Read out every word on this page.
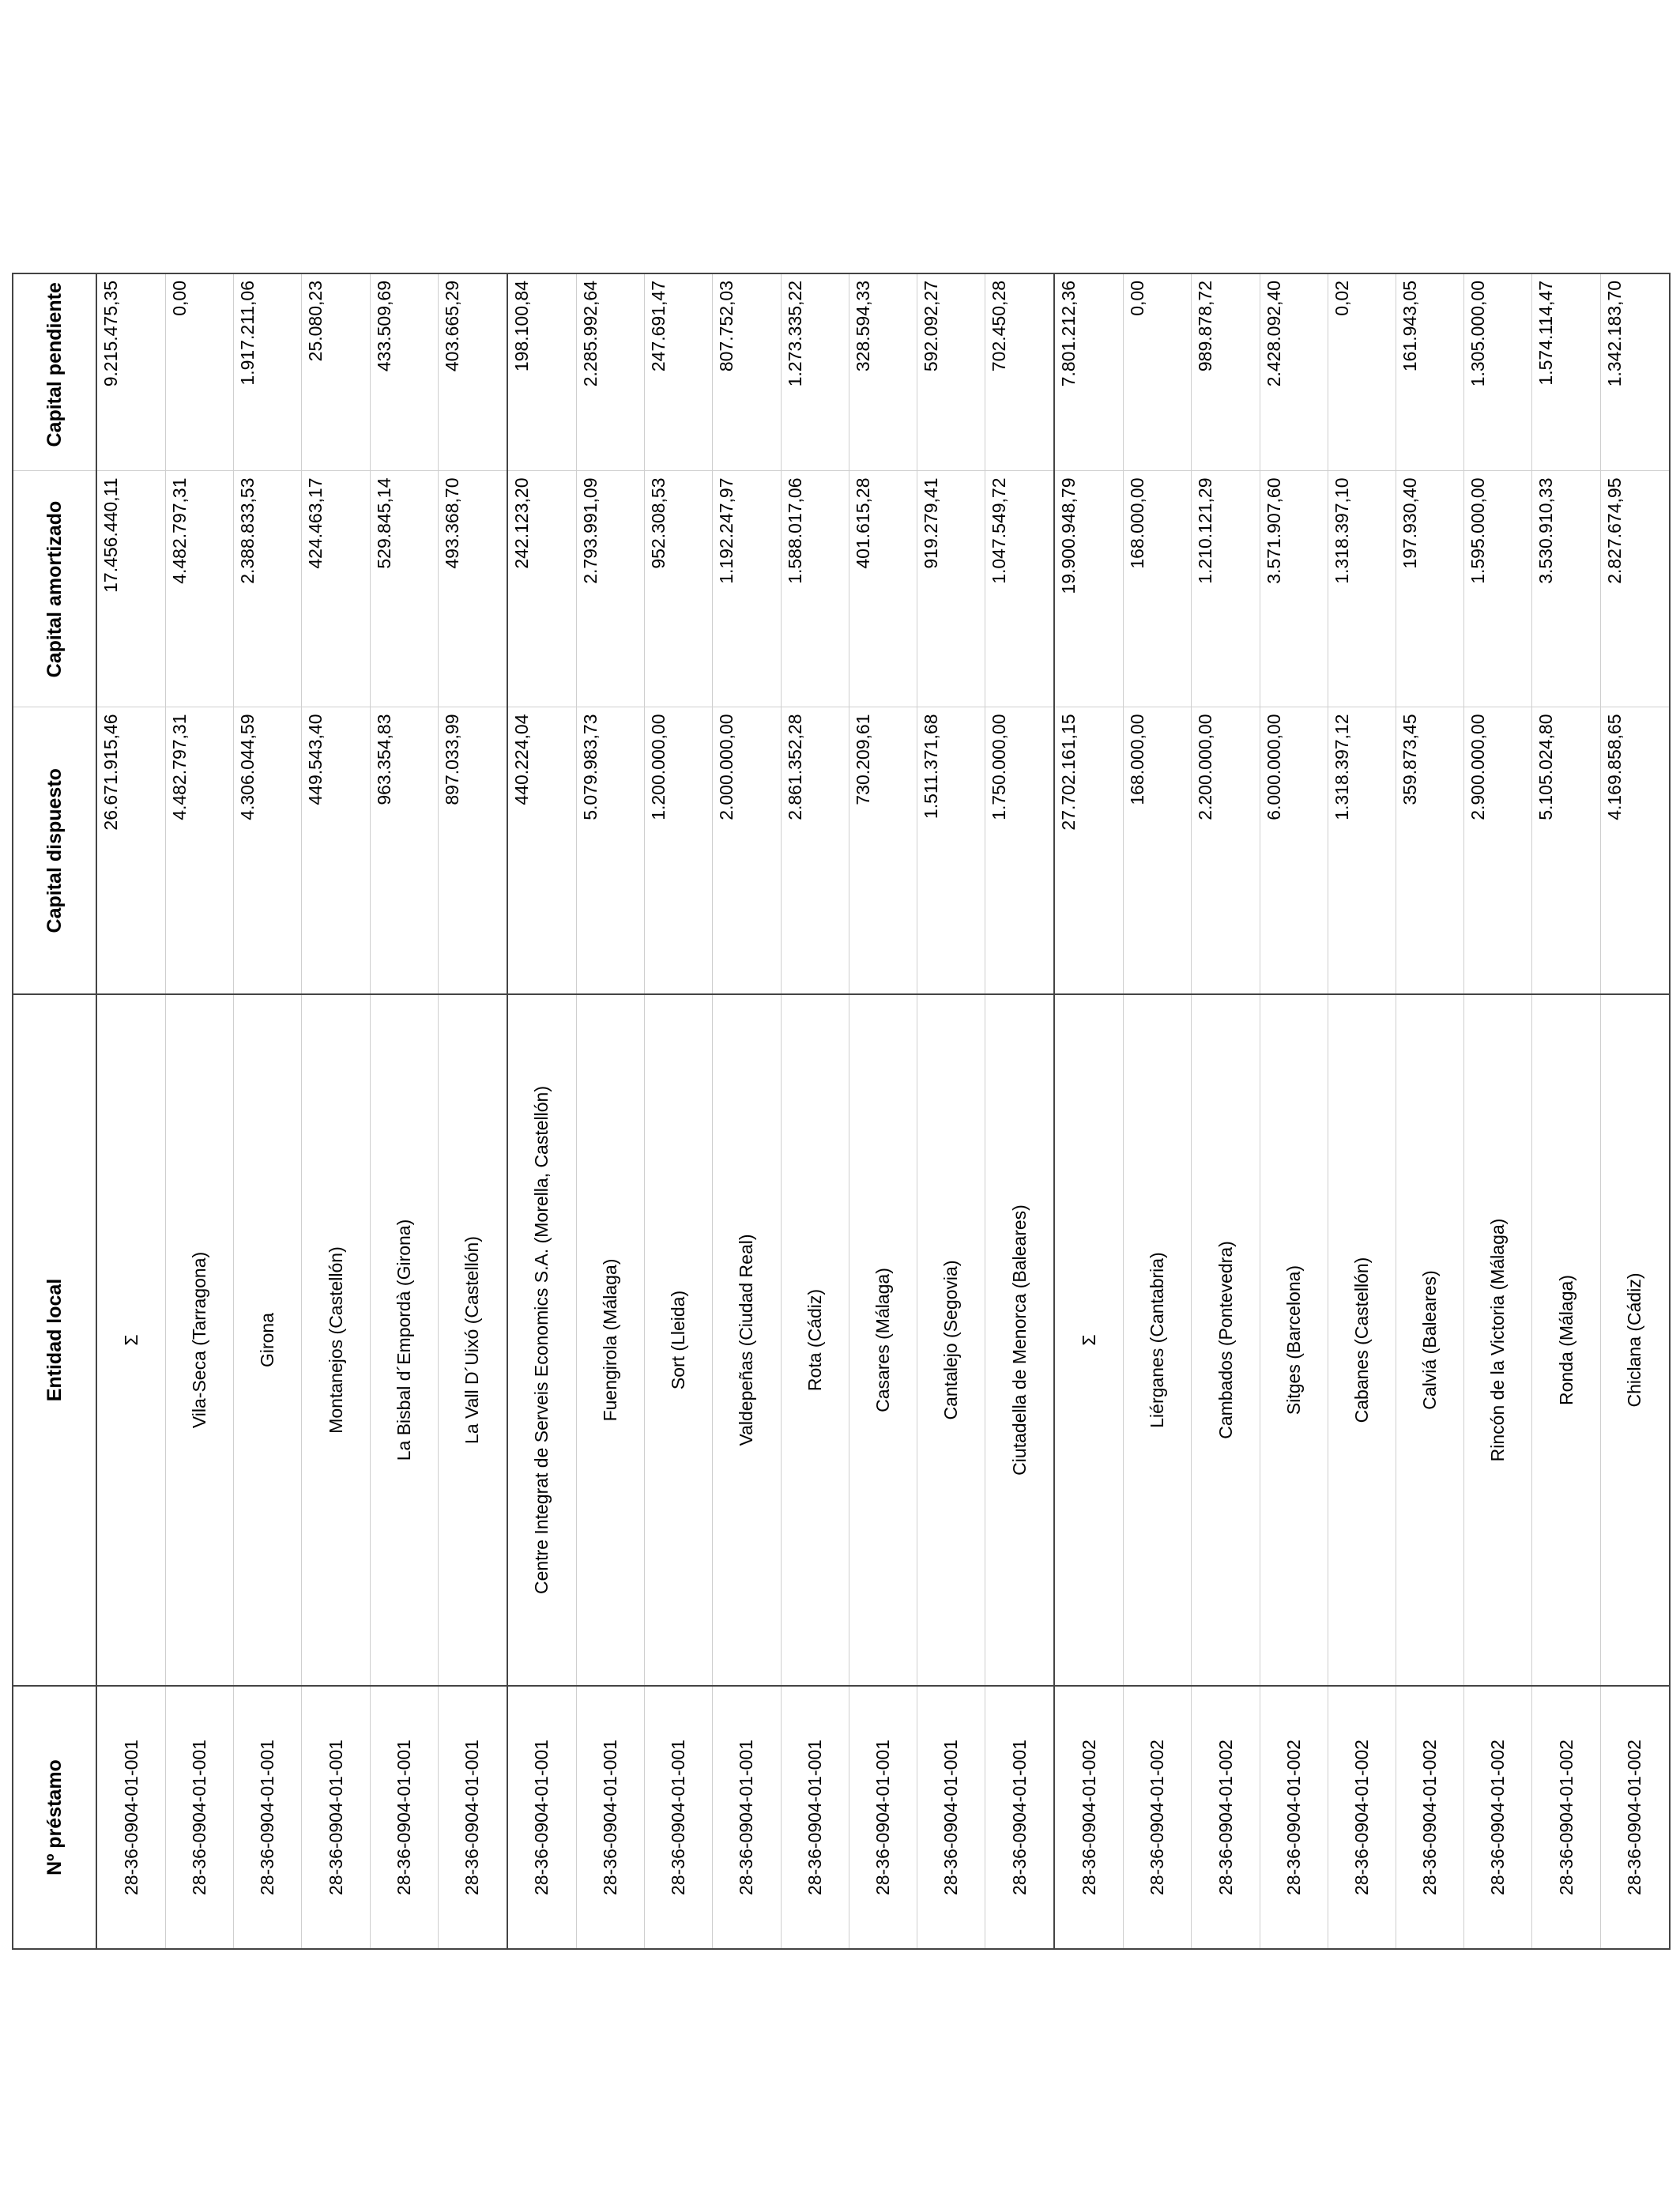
Nº préstamo	Entidad local	Capital dispuesto	Capital amortizado	Capital pendiente
28-36-0904-01-001	Σ	26.671.915,46	17.456.440,11	9.215.475,35
28-36-0904-01-001	Vila-Seca (Tarragona)	4.482.797,31	4.482.797,31	0,00
28-36-0904-01-001	Girona	4.306.044,59	2.388.833,53	1.917.211,06
28-36-0904-01-001	Montanejos (Castellón)	449.543,40	424.463,17	25.080,23
28-36-0904-01-001	La Bisbal d´Empordà (Girona)	963.354,83	529.845,14	433.509,69
28-36-0904-01-001	La Vall D´Uixó (Castellón)	897.033,99	493.368,70	403.665,29
28-36-0904-01-001	Centre Integrat de Serveis Economics S.A. (Morella, Castellón)	440.224,04	242.123,20	198.100,84
28-36-0904-01-001	Fuengirola (Málaga)	5.079.983,73	2.793.991,09	2.285.992,64
28-36-0904-01-001	Sort (Lleida)	1.200.000,00	952.308,53	247.691,47
28-36-0904-01-001	Valdepeñas (Ciudad Real)	2.000.000,00	1.192.247,97	807.752,03
28-36-0904-01-001	Rota (Cádiz)	2.861.352,28	1.588.017,06	1.273.335,22
28-36-0904-01-001	Casares (Málaga)	730.209,61	401.615,28	328.594,33
28-36-0904-01-001	Cantalejo (Segovia)	1.511.371,68	919.279,41	592.092,27
28-36-0904-01-001	Ciutadella de Menorca (Baleares)	1.750.000,00	1.047.549,72	702.450,28
28-36-0904-01-002	Σ	27.702.161,15	19.900.948,79	7.801.212,36
28-36-0904-01-002	Liérganes (Cantabria)	168.000,00	168.000,00	0,00
28-36-0904-01-002	Cambados (Pontevedra)	2.200.000,00	1.210.121,29	989.878,72
28-36-0904-01-002	Sitges (Barcelona)	6.000.000,00	3.571.907,60	2.428.092,40
28-36-0904-01-002	Cabanes (Castellón)	1.318.397,12	1.318.397,10	0,02
28-36-0904-01-002	Calviá (Baleares)	359.873,45	197.930,40	161.943,05
28-36-0904-01-002	Rincón de la Victoria (Málaga)	2.900.000,00	1.595.000,00	1.305.000,00
28-36-0904-01-002	Ronda (Málaga)	5.105.024,80	3.530.910,33	1.574.114,47
28-36-0904-01-002	Chiclana (Cádiz)	4.169.858,65	2.827.674,95	1.342.183,70
